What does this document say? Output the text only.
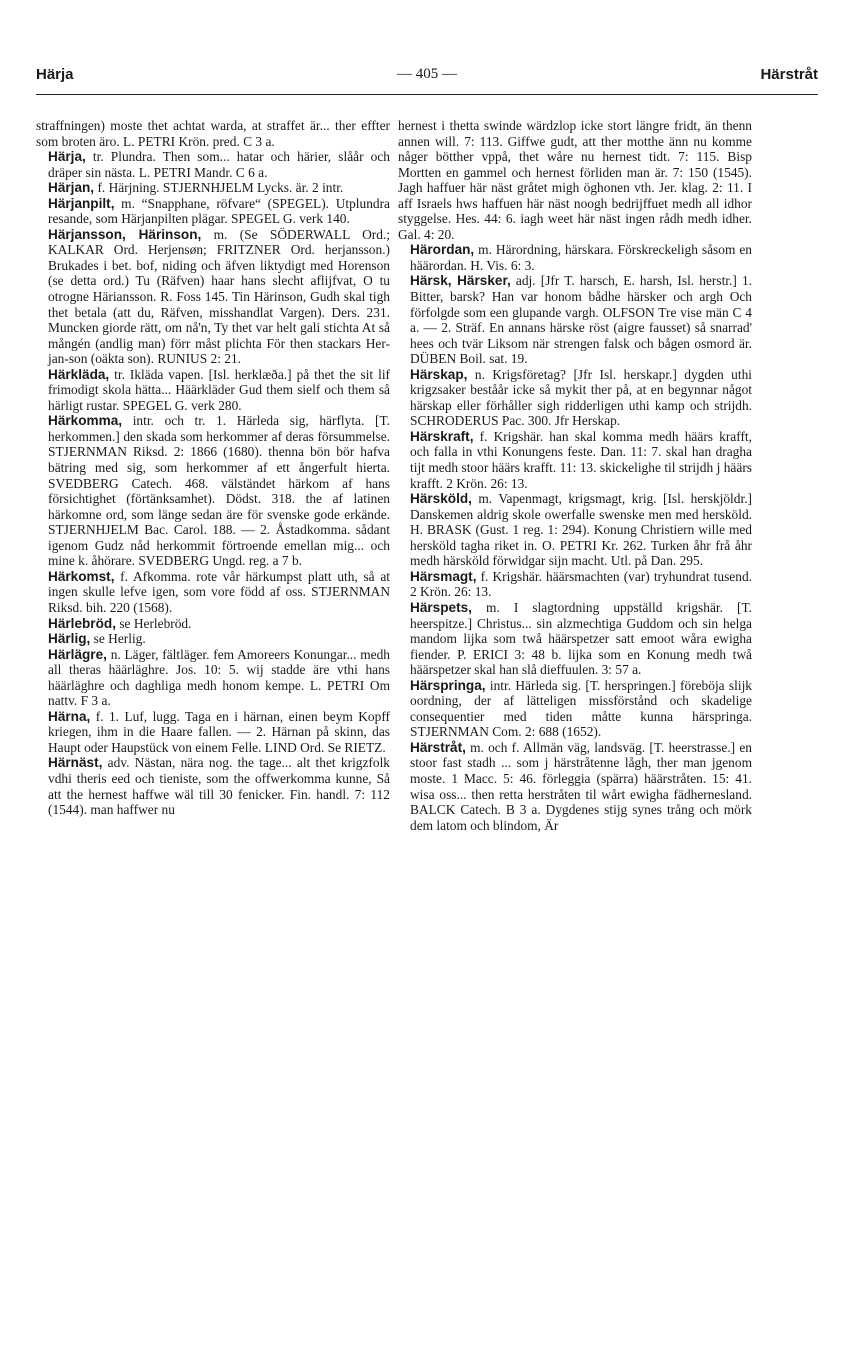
Härja	— 405 —	Härstråt

straffningen) moste thet achtat warda, at straffet är... ther effter som broten äro. L. PETRI Krön. pred. C 3 a.

Härja, tr. Plundra. Then som... hatar och härier, slåår och dräper sin nästa. L. PETRI Mandr. C 6 a.

Härjan, f. Härjning. STJERNHJELM Lycks. är. 2 intr.

Härjanpilt, m. “Snapphane, röfvare“ (SPEGEL). Utplundra resande, som Härjanpilten plägar. SPEGEL G. verk 140.

Härjansson, Härinson, m. (Se SÖDERWALL Ord.; KALKAR Ord. Herjensøn; FRITZNER Ord. herjansson.) Brukades i bet. bof, niding och äfven liktydigt med Horenson (se detta ord.) Tu (Räfven) haar hans slecht aflijfvat, O tu otrogne Häriansson. R. Foss 145. Tin Härinson, Gudh skal tigh thet betala (att du, Räfven, misshandlat Vargen). Ders. 231. Muncken giorde rätt, om nå'n, Ty thet var helt gali stichta At så mångén (andlig man) förr måst plichta För then stackars Her-jan-son (oäkta son). RUNIUS 2: 21.

Härkläda, tr. Ikläda vapen. [Isl. herklæða.] på thet the sit lif frimodigt skola hätta... Häärkläder Gud them sielf och them så härligt rustar. SPEGEL G. verk 280.

Härkomma, intr. och tr. 1. Härleda sig, härflyta. [T. herkommen.] den skada som herkommer af deras försummelse. STJERNMAN Riksd. 2: 1866 (1680). thenna bön bör hafva bätring med sig, som herkommer af ett ångerfult hierta. SVEDBERG Catech. 468. välständet härkom af hans försichtighet (förtänksamhet). Dödst. 318. the af latinen härkomne ord, som länge sedan äre för svenske gode erkände. STJERNHJELM Bac. Carol. 188. — 2. Åstadkomma. sådant igenom Gudz nåd herkommit förtroende emellan mig... och mine k. åhörare. SVEDBERG Ungd. reg. a 7 b.

Härkomst, f. Afkomma. rote vår härkumpst platt uth, så at ingen skulle lefve igen, som vore född af oss. STJERNMAN Riksd. bih. 220 (1568).

Härlebröd, se Herlebröd.

Härlig, se Herlig.

Härlägre, n. Läger, fältläger. fem Amoreers Konungar... medh all theras häärläghre. Jos. 10: 5. wij stadde äre vthi hans häärläghre och daghliga medh honom kempe. L. PETRI Om nattv. F 3 a.

Härna, f. 1. Luf, lugg. Taga en i härnan, einen beym Kopff kriegen, ihm in die Haare fallen. — 2. Härnan på skinn, das Haupt oder Haupstück von einem Felle. LIND Ord. Se RIETZ.

Härnäst, adv. Nästan, nära nog. the tage... alt thet krigzfolk vdhi theris eed och tieniste, som the offwerkomma kunne, Så att the hernest haffwe wäl till 30 fenicker. Fin. handl. 7: 112 (1544). man haffwer nu

hernest i thetta swinde wärdzlop icke stort längre fridt, än thenn annen will. 7: 113. Giffwe gudt, att ther motthe änn nu komme någer bötther vppå, thet wåre nu hernest tidt. 7: 115. Bisp Mortten en gammel och hernest förliden man är. 7: 150 (1545). Jagh haffuer här näst gråtet migh öghonen vth. Jer. klag. 2: 11. I aff Israels hws haffuen här näst noogh bedrijffuet medh all idhor styggelse. Hes. 44: 6. iagh weet här näst ingen rådh medh idher. Gal. 4: 20.

Härordan, m. Härordning, härskara. Förskreckeligh såsom en häärordan. H. Vis. 6: 3.

Härsk, Härsker, adj. [Jfr T. harsch, E. harsh, Isl. herstr.] 1. Bitter, barsk? Han var honom bådhe härsker och argh Och förfolgde som een glupande vargh. OLFSON Tre vise män C 4 a. — 2. Sträf. En annans härske röst (aigre fausset) så snarrad' hees och tvär Liksom när strengen falsk och bågen osmord är. DÜBEN Boil. sat. 19.

Härskap, n. Krigsföretag? [Jfr Isl. herskapr.] dygden uthi krigzsaker beståår icke så mykit ther på, at en begynnar något härskap eller förhåller sigh ridderligen uthi kamp och strijdh. SCHRODERUS Pac. 300. Jfr Herskap.

Härskraft, f. Krigshär. han skal komma medh häärs krafft, och falla in vthi Konungens feste. Dan. 11: 7. skal han dragha tijt medh stoor häärs krafft. 11: 13. skickelighe til strijdh j häärs krafft. 2 Krön. 26: 13.

Härsköld, m. Vapenmagt, krigsmagt, krig. [Isl. herskjöldr.] Danskemen aldrig skole owerfalle swenske men med hersköld. H. BRASK (Gust. 1 reg. 1: 294). Konung Christiern wille med hersköld tagha riket in. O. PETRI Kr. 262. Turken åhr frå åhr medh härsköld förwidgar sijn macht. Utl. på Dan. 295.

Härsmagt, f. Krigshär. häärsmachten (var) tryhundrat tusend. 2 Krön. 26: 13.

Härspets, m. I slagtordning uppställd krigshär. [T. heerspitze.] Christus... sin alzmechtiga Guddom och sin helga mandom lijka som twå häärspetzer satt emoot wåra ewigha fiender. P. ERICI 3: 48 b. lijka som en Konung medh twå häärspetzer skal han slå dieffuulen. 3: 57 a.

Härspringa, intr. Härleda sig. [T. herspringen.] föreböja slijk oordning, der af lätteligen missförstånd och skadelige consequentier med tiden måtte kunna härspringa. STJERNMAN Com. 2: 688 (1652).

Härstråt, m. och f. Allmän väg, landsväg. [T. heerstrasse.] en stoor fast stadh ... som j härstråtenne lågh, ther man jgenom moste. 1 Macc. 5: 46. förleggia (spärra) häärstråten. 15: 41. wisa oss... then retta herstråten til wårt ewigha fädhernesland. BALCK Catech. B 3 a. Dygdenes stijg synes trång och mörk dem latom och blindom, Är
